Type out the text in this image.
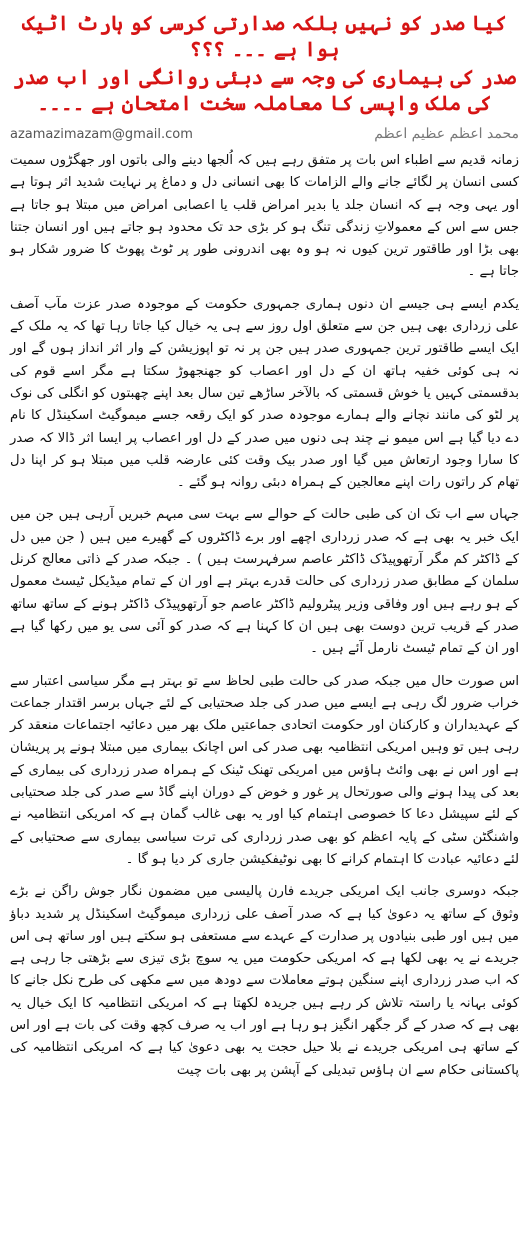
کیا صدر کو نہیں بلکہ صدارتی کرسی کو ہارٹ اٹیک ہوا ہے ۔۔۔ ؟؟؟
صدر کی بیماری کی وجہ سے دبئی روانگی اور اب صدر کی ملک واپسی کا معاملہ سخت امتحان ہے ۔۔۔۔
محمد اعظم عظیم اعظم
azamazimazam@gmail.com

زمانہ قدیم سے اطباء اس بات پر متفق رہے ہیں کہ اُلجھا دینے والی باتوں اور جھگڑوں سمیت کسی انسان پر لگائے جانے والے الزامات کا بھی انسانی دل و دماغ پر نہایت شدید اثر ہوتا ہے اور یہی وجہ ہے کہ انسان جلد یا بدیر امراض قلب یا اعصابی امراض میں مبتلا ہو جاتا ہے جس سے اس کے معمولاتِ زندگی تنگ ہو کر بڑی حد تک محدود ہو جاتے ہیں اور انسان جتنا بھی بڑا اور طاقتور ترین کیوں نہ ہو وہ بھی اندرونی طور پر ٹوٹ پھوٹ کا ضرور شکار ہو جاتا ہے ۔

یکدم ایسے ہی جیسے ان دنوں ہماری جمہوری حکومت کے موجودہ صدر عزت مآب آصف علی زرداری بھی ہیں جن سے متعلق اول روز سے ہی یہ خیال کیا جاتا رہا تھا کہ یہ ملک کے ایک ایسے طاقتور ترین جمہوری صدر ہیں جن پر نہ تو اپوزیشن کے وار اثر انداز ہوں گے اور نہ ہی کوئی خفیہ ہاتھ ان کے دل اور اعصاب کو جھنجھوڑ سکتا ہے مگر اسے قوم کی بدقسمتی کہیں یا خوش قسمتی کہ بالآخر ساڑھے تین سال بعد اپنے چھبتوں کو انگلی کی نوک پر لٹو کی مانند نچانے والے ہمارے موجودہ صدر کو ایک رقعہ جسے میموگیٹ اسکینڈل کا نام دے دیا گیا ہے اس میمو نے چند ہی دنوں میں صدر کے دل اور اعصاب پر ایسا اثر ڈالا کہ صدر کا سارا وجود ارتعاش میں گیا اور صدر بیک وقت کئی عارضہ قلب میں مبتلا ہو کر اپنا دل تھام کر راتوں رات اپنے معالجین کے ہمراہ دبئی روانہ ہو گئے ۔

جہاں سے اب تک ان کی طبی حالت کے حوالے سے بہت سی مبہم خبریں آرہی ہیں جن میں ایک خبر یہ بھی ہے کہ صدر زرداری اچھے اور برے ڈاکٹروں کے گھیرے میں ہیں ( جن میں دل کے ڈاکٹر کم مگر آرتھوپیڈک ڈاکٹر عاصم سرفہرست ہیں ) ۔ جبکہ صدر کے ذاتی معالج کرنل سلمان کے مطابق صدر زرداری کی حالت قدرے بہتر ہے اور ان کے تمام میڈیکل ٹیسٹ معمول کے ہو رہے ہیں اور وفاقی وزیر پیٹرولیم ڈاکٹر عاصم جو آرتھوپیڈک ڈاکٹر ہونے کے ساتھ ساتھ صدر کے قریب ترین دوست بھی ہیں ان کا کہنا ہے کہ صدر کو آئی سی یو میں رکھا گیا ہے اور ان کے تمام ٹیسٹ نارمل آئے ہیں ۔

اس صورت حال میں جبکہ صدر کی حالت طبی لحاظ سے تو بہتر ہے مگر سیاسی اعتبار سے خراب ضرور لگ رہی ہے ایسے میں صدر کی جلد صحتیابی کے لئے جہاں برسر اقتدار جماعت کے عہدیداران و کارکنان اور حکومت اتحادی جماعتیں ملک بھر میں دعائیہ اجتماعات منعقد کر رہی ہیں تو وہیں امریکی انتظامیہ بھی صدر کی اس اچانک بیماری میں مبتلا ہونے پر پریشان ہے اور اس نے بھی وائٹ ہاؤس میں امریکی تھنک ٹینک کے ہمراہ صدر زرداری کی بیماری کے بعد کی پیدا ہونے والی صورتحال پر غور و خوض کے دوران اپنے گاڈ سے صدر کی جلد صحتیابی کے لئے سپیشل دعا کا خصوصی اہتمام کیا اور یہ بھی غالب گمان ہے کہ امریکی انتظامیہ نے واشنگٹن سٹی کے پایہ اعظم کو بھی صدر زرداری کی ترت سیاسی بیماری سے صحتیابی کے لئے دعائیہ عبادت کا اہتمام کرانے کا بھی نوٹیفکیشن جاری کر دیا ہو گا ۔

جبکہ دوسری جانب ایک امریکی جریدے فارن پالیسی میں مضمون نگار جوش راگن نے بڑے وثوق کے ساتھ یہ دعویٰ کیا ہے کہ صدر آصف علی زرداری میموگیٹ اسکینڈل پر شدید دباؤ میں ہیں اور طبی بنیادوں پر صدارت کے عہدے سے مستعفی ہو سکتے ہیں اور ساتھ ہی اس جریدے نے یہ بھی لکھا ہے کہ امریکی حکومت میں یہ سوچ بڑی تیزی سے بڑھتی جا رہی ہے کہ اب صدر زرداری اپنے سنگین ہوتے معاملات سے دودھ میں سے مکھی کی طرح نکل جانے کا کوئی بہانہ یا راستہ تلاش کر رہے ہیں جریدہ لکھتا ہے کہ امریکی انتظامیہ کا ایک خیال یہ بھی ہے کہ صدر کے گر جگھر انگیز ہو رہا ہے اور اب یہ صرف کچھ وقت کی بات ہے اور اس کے ساتھ ہی امریکی جریدے نے بلا حیل حجت یہ بھی دعویٰ کیا ہے کہ امریکی انتظامیہ کی پاکستانی حکام سے ان ہاؤس تبدیلی کے آپشن پر بھی بات چیت
